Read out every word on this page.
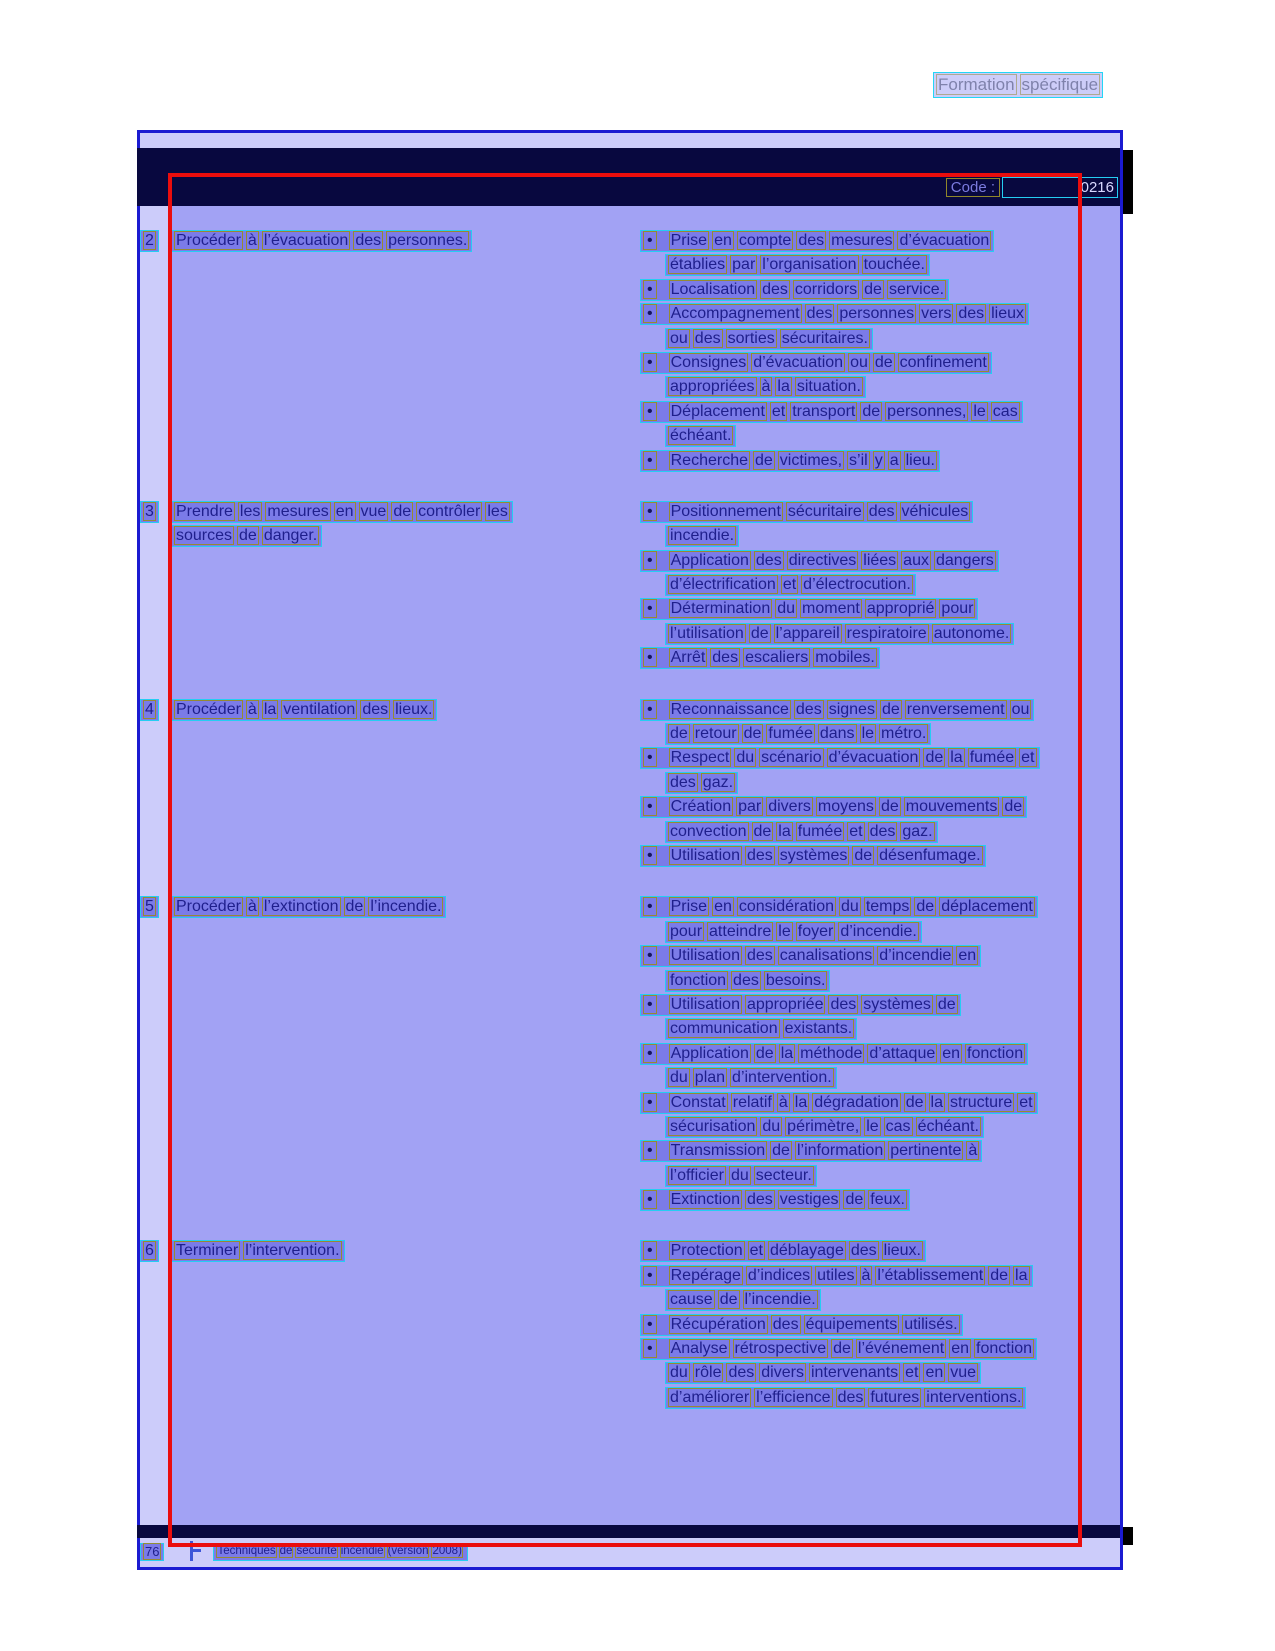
Formation spécifique
Code :	0216
2	Procéder à l’évacuation des personnes.	• Prise en compte des mesures d’évacuation
établies par l’organisation touchée.
• Localisation des corridors de service.
• Accompagnement des personnes vers des lieux
ou des sorties sécuritaires.
• Consignes d’évacuation ou de confinement
appropriées à la situation.
• Déplacement et transport de personnes, le cas
échéant.
• Recherche de victimes, s’il y a lieu.
3	Prendre les mesures en vue de contrôler les
sources de danger.
• Positionnement sécuritaire des véhicules
incendie.
• Application des directives liées aux dangers
d’électrification et d’électrocution.
• Détermination du moment approprié pour
l’utilisation de l’appareil respiratoire autonome.
• Arrêt des escaliers mobiles.
4	Procéder à la ventilation des lieux.	• Reconnaissance des signes de renversement ou
de retour de fumée dans le métro.
• Respect du scénario d’évacuation de la fumée et
des gaz.
• Création par divers moyens de mouvements de
convection de la fumée et des gaz.
• Utilisation des systèmes de désenfumage.
5	Procéder à l’extinction de l’incendie.	• Prise en considération du temps de déplacement
pour atteindre le foyer d’incendie.
• Utilisation des canalisations d’incendie en
fonction des besoins.
• Utilisation appropriée des systèmes de
communication existants.
• Application de la méthode d’attaque en fonction
du plan d’intervention.
• Constat relatif à la dégradation de la structure et
sécurisation du périmètre, le cas échéant.
• Transmission de l’information pertinente à
l’officier du secteur.
• Extinction des vestiges de feux.
6	Terminer l’intervention.	• Protection et déblayage des lieux.
• Repérage d’indices utiles à l’établissement de la
cause de l’incendie.
• Récupération des équipements utilisés.
• Analyse rétrospective de l’événement en fonction
du rôle des divers intervenants et en vue
d’améliorer l’efficience des futures interventions.
76	Techniques de sécurité incendie (version 2008)
